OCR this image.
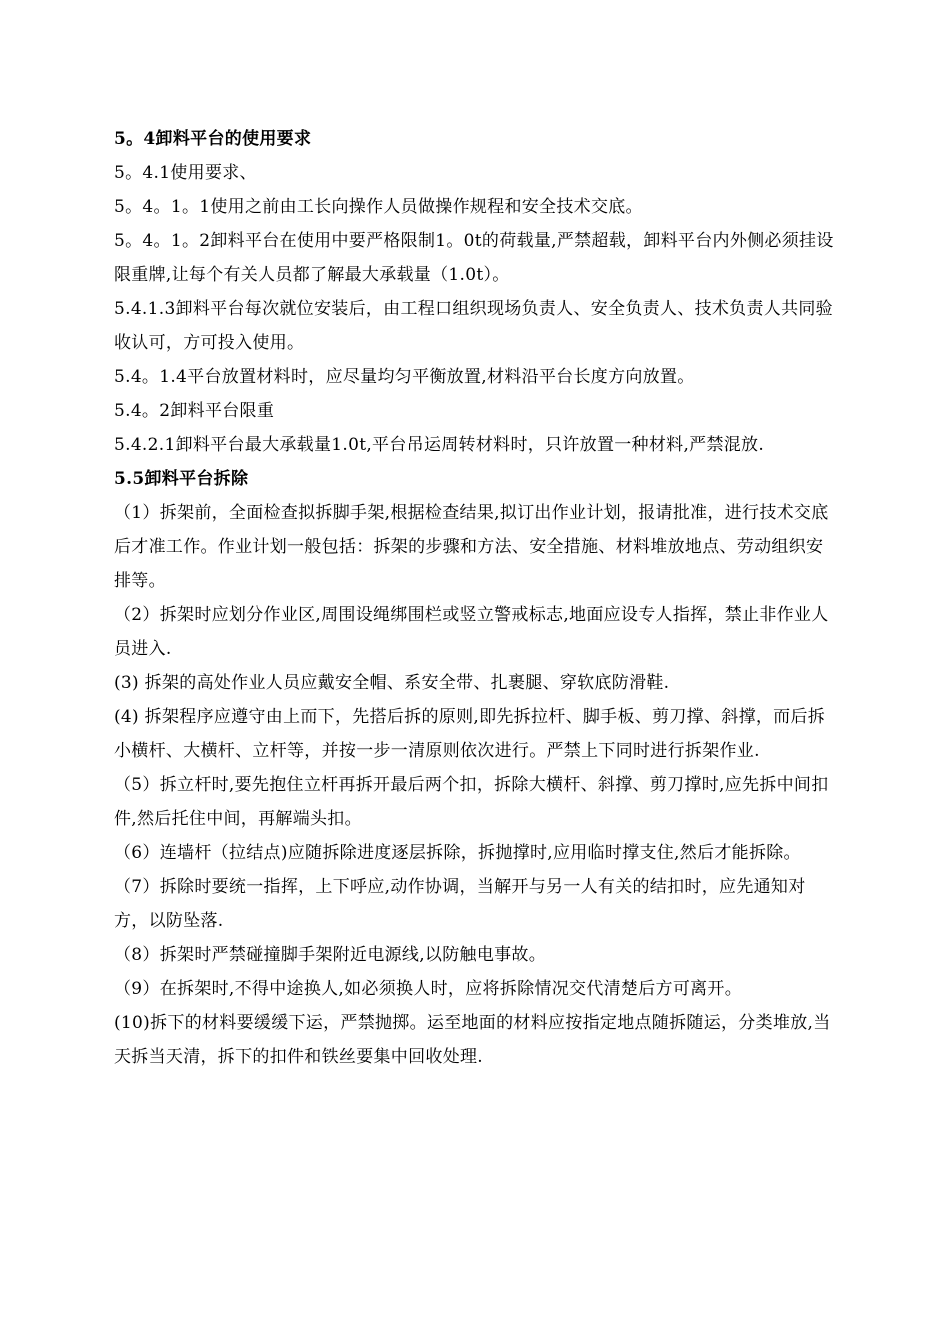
5。4卸料平台的使用要求

5。4.1使用要求、

5。4。1。1使用之前由工长向操作人员做操作规程和安全技术交底。

5。4。1。2卸料平台在使用中要严格限制1。0t的荷载量,严禁超载，卸料平台内外侧必须挂设限重牌,让每个有关人员都了解最大承载量（1.0t）。

5.4.1.3卸料平台每次就位安装后，由工程口组织现场负责人、安全负责人、技术负责人共同验收认可，方可投入使用。

5.4。1.4平台放置材料时，应尽量均匀平衡放置,材料沿平台长度方向放置。

5.4。2卸料平台限重

5.4.2.1卸料平台最大承载量1.0t,平台吊运周转材料时，只许放置一种材料,严禁混放.

5.5卸料平台拆除

（1）拆架前，全面检查拟拆脚手架,根据检查结果,拟订出作业计划，报请批准，进行技术交底后才准工作。作业计划一般包括：拆架的步骤和方法、安全措施、材料堆放地点、劳动组织安排等。

（2）拆架时应划分作业区,周围设绳绑围栏或竖立警戒标志,地面应设专人指挥，禁止非作业人员进入.

(3) 拆架的高处作业人员应戴安全帽、系安全带、扎裹腿、穿软底防滑鞋.

(4) 拆架程序应遵守由上而下，先搭后拆的原则,即先拆拉杆、脚手板、剪刀撑、斜撑，而后拆小横杆、大横杆、立杆等，并按一步一清原则依次进行。严禁上下同时进行拆架作业.

（5）拆立杆时,要先抱住立杆再拆开最后两个扣，拆除大横杆、斜撑、剪刀撑时,应先拆中间扣件,然后托住中间，再解端头扣。

（6）连墙杆（拉结点)应随拆除进度逐层拆除，拆抛撑时,应用临时撑支住,然后才能拆除。

（7）拆除时要统一指挥，上下呼应,动作协调，当解开与另一人有关的结扣时，应先通知对方，以防坠落.

（8）拆架时严禁碰撞脚手架附近电源线,以防触电事故。

（9）在拆架时,不得中途换人,如必须换人时，应将拆除情况交代清楚后方可离开。

(10)拆下的材料要缓缓下运，严禁抛掷。运至地面的材料应按指定地点随拆随运，分类堆放,当天拆当天清，拆下的扣件和铁丝要集中回收处理.
